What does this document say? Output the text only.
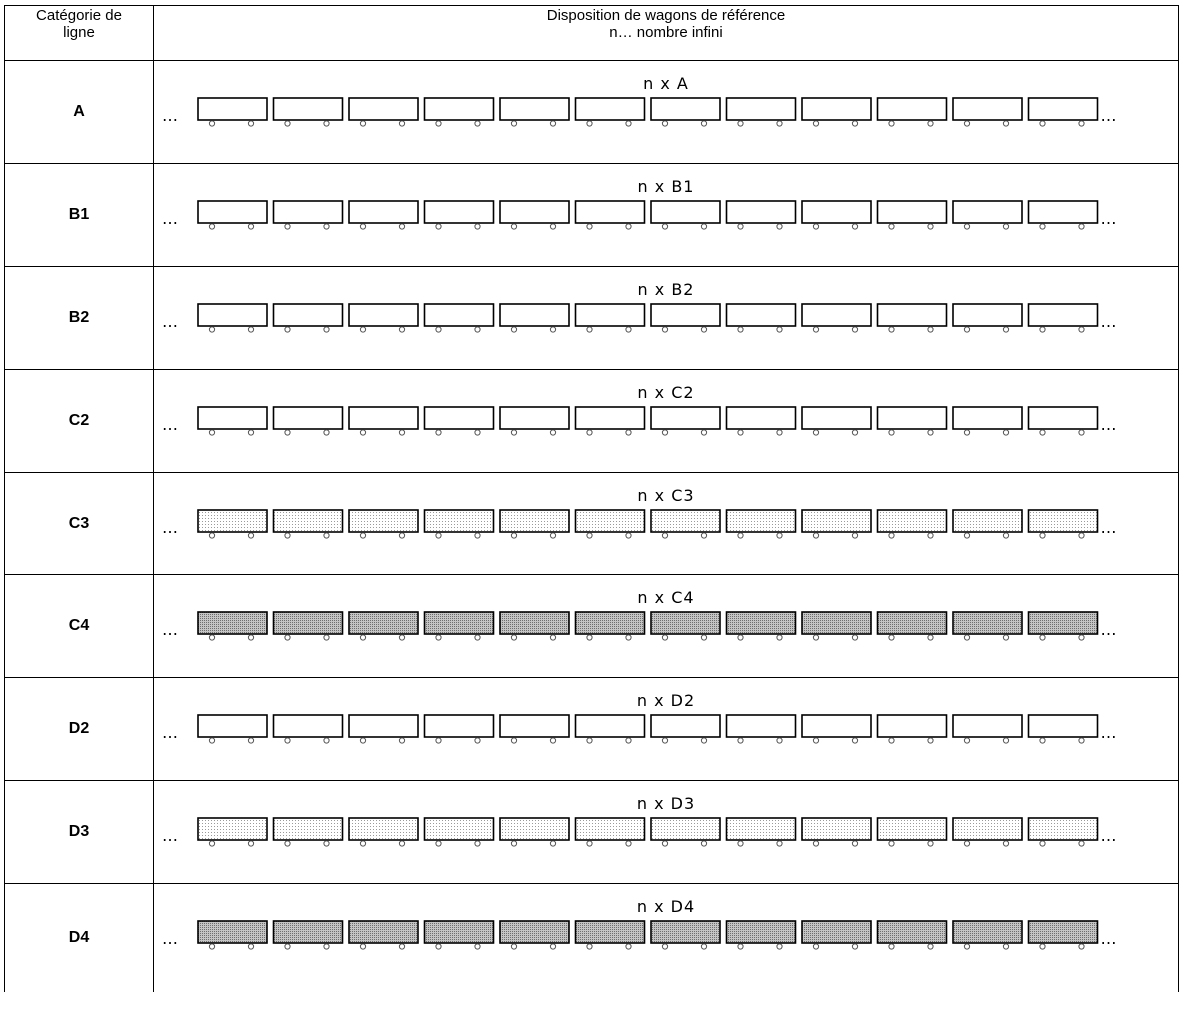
Catégorie de
ligne	Disposition de wagons de référence
n… nombre infini

A	n x A
… …

B1	n x B1
… …

B2	n x B2
… …

C2	n x C2
… …

C3	n x C3
… …

C4	n x C4
… …

D2	n x D2
… …

D3	n x D3
… …

D4	n x D4
… …
